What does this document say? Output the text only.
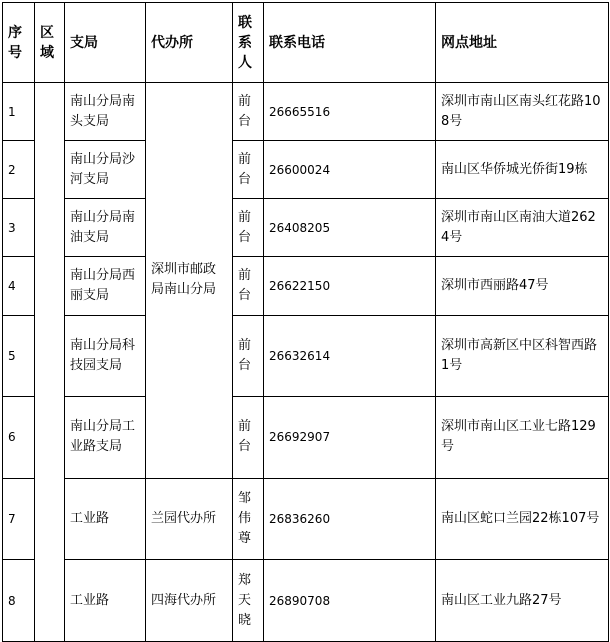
序号	区域	支局	代办所	联系人	联系电话	网点地址
1		南山分局南头支局	深圳市邮政局南山分局	前台	26665516	深圳市南山区南头红花路108号
2		南山分局沙河支局		前台	26600024	南山区华侨城光侨街19栋
3		南山分局南油支局		前台	26408205	深圳市南山区南油大道2624号
4		南山分局西丽支局		前台	26622150	深圳市西丽路47号
5		南山分局科技园支局		前台	26632614	深圳市高新区中区科智西路1号
6		南山分局工业路支局		前台	26692907	深圳市南山区工业七路129号
7		工业路	兰园代办所	邹伟尊	26836260	南山区蛇口兰园22栋107号
8		工业路	四海代办所	郑天晓	26890708	南山区工业九路27号
